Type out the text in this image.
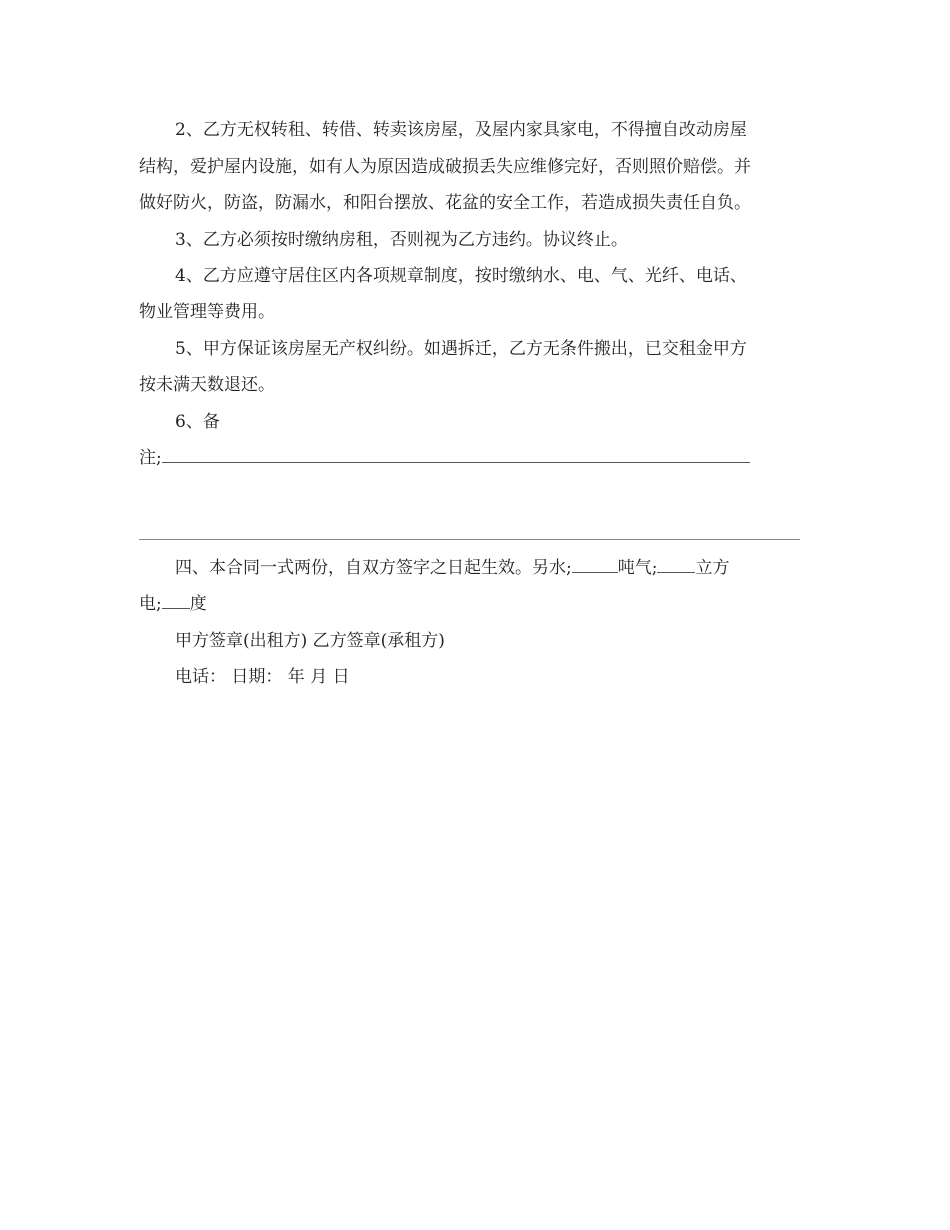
2、乙方无权转租、转借、转卖该房屋，及屋内家具家电，不得擅自改动房屋
结构，爱护屋内设施，如有人为原因造成破损丢失应维修完好，否则照价赔偿。并
做好防火，防盗，防漏水，和阳台摆放、花盆的安全工作，若造成损失责任自负。
3、乙方必须按时缴纳房租，否则视为乙方违约。协议终止。
4、乙方应遵守居住区内各项规章制度，按时缴纳水、电、气、光纤、电话、
物业管理等费用。
5、甲方保证该房屋无产权纠纷。如遇拆迁，乙方无条件搬出，已交租金甲方
按未满天数退还。
6、备
注;
四、本合同一式两份，自双方签字之日起生效。另水;	吨气; 立方
电; 度
甲方签章(出租方) 乙方签章(承租方)
电话： 日期： 年 月 日
